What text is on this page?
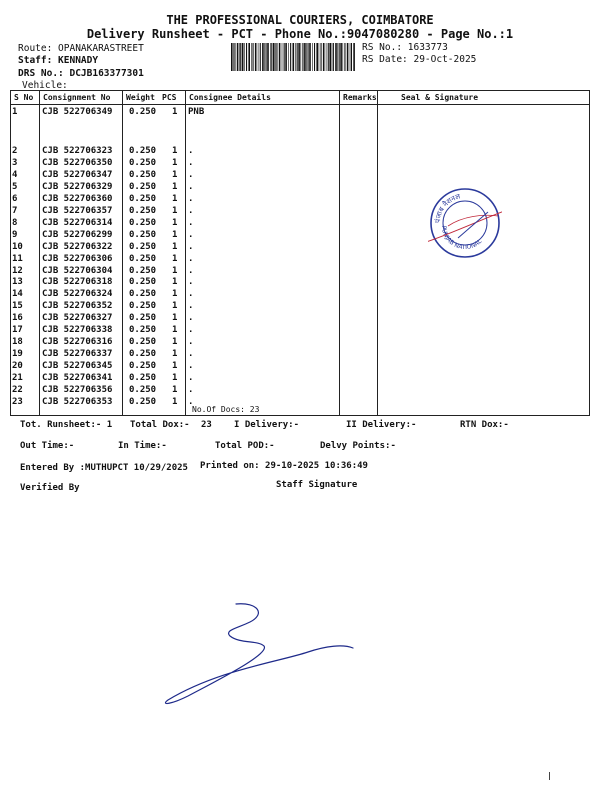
THE PROFESSIONAL COURIERS, COIMBATORE
Delivery Runsheet - PCT - Phone No.:9047080280 - Page No.:1
Route: OPANAKARASTREET
Staff: KENNADY
DRS No.: DCJB163377301
Vehicle:
RS No.: 1633773
RS Date: 29-Oct-2025
S No Consignment No Weight PCS Consignee Details	Remarks	Seal & Signature
1	CJB 522706349 0.250 1 PNB
2	CJB 522706323 0.250 1 .
3	CJB 522706350 0.250 1 .
4	CJB 522706347 0.250 1 .
5	CJB 522706329 0.250 1 .
6	CJB 522706360 0.250 1 .
7	CJB 522706357 0.250 1 .
8	CJB 522706314 0.250 1 .
9	CJB 522706299 0.250 1 .
10 CJB 522706322 0.250 1 .
11 CJB 522706306 0.250 1 .
12 CJB 522706304 0.250 1 .
13 CJB 522706318 0.250 1 .
14 CJB 522706324 0.250 1 .
15 CJB 522706352 0.250 1 .
16 CJB 522706327 0.250 1 .
17 CJB 522706338 0.250 1 .
18 CJB 522706316 0.250 1 .
19 CJB 522706337 0.250 1 .
20 CJB 522706345 0.250 1 .
21 CJB 522706341 0.250 1 .
22 CJB 522706356 0.250 1 .
23 CJB 522706353 0.250 1 .
No.Of Docs: 23
पंजाब नैशनल
PUNJAB NATIONAL
Tot. Runsheet:- 1 Total Dox:- 23 I Delivery:-	II Delivery:-	RTN Dox:-
Out Time:-	In Time:-	Total POD:-	Delvy Points:-
Entered By :MUTHUPCT 10/29/2025 Printed on: 29-10-2025 10:36:49
Verified By	Staff Signature
